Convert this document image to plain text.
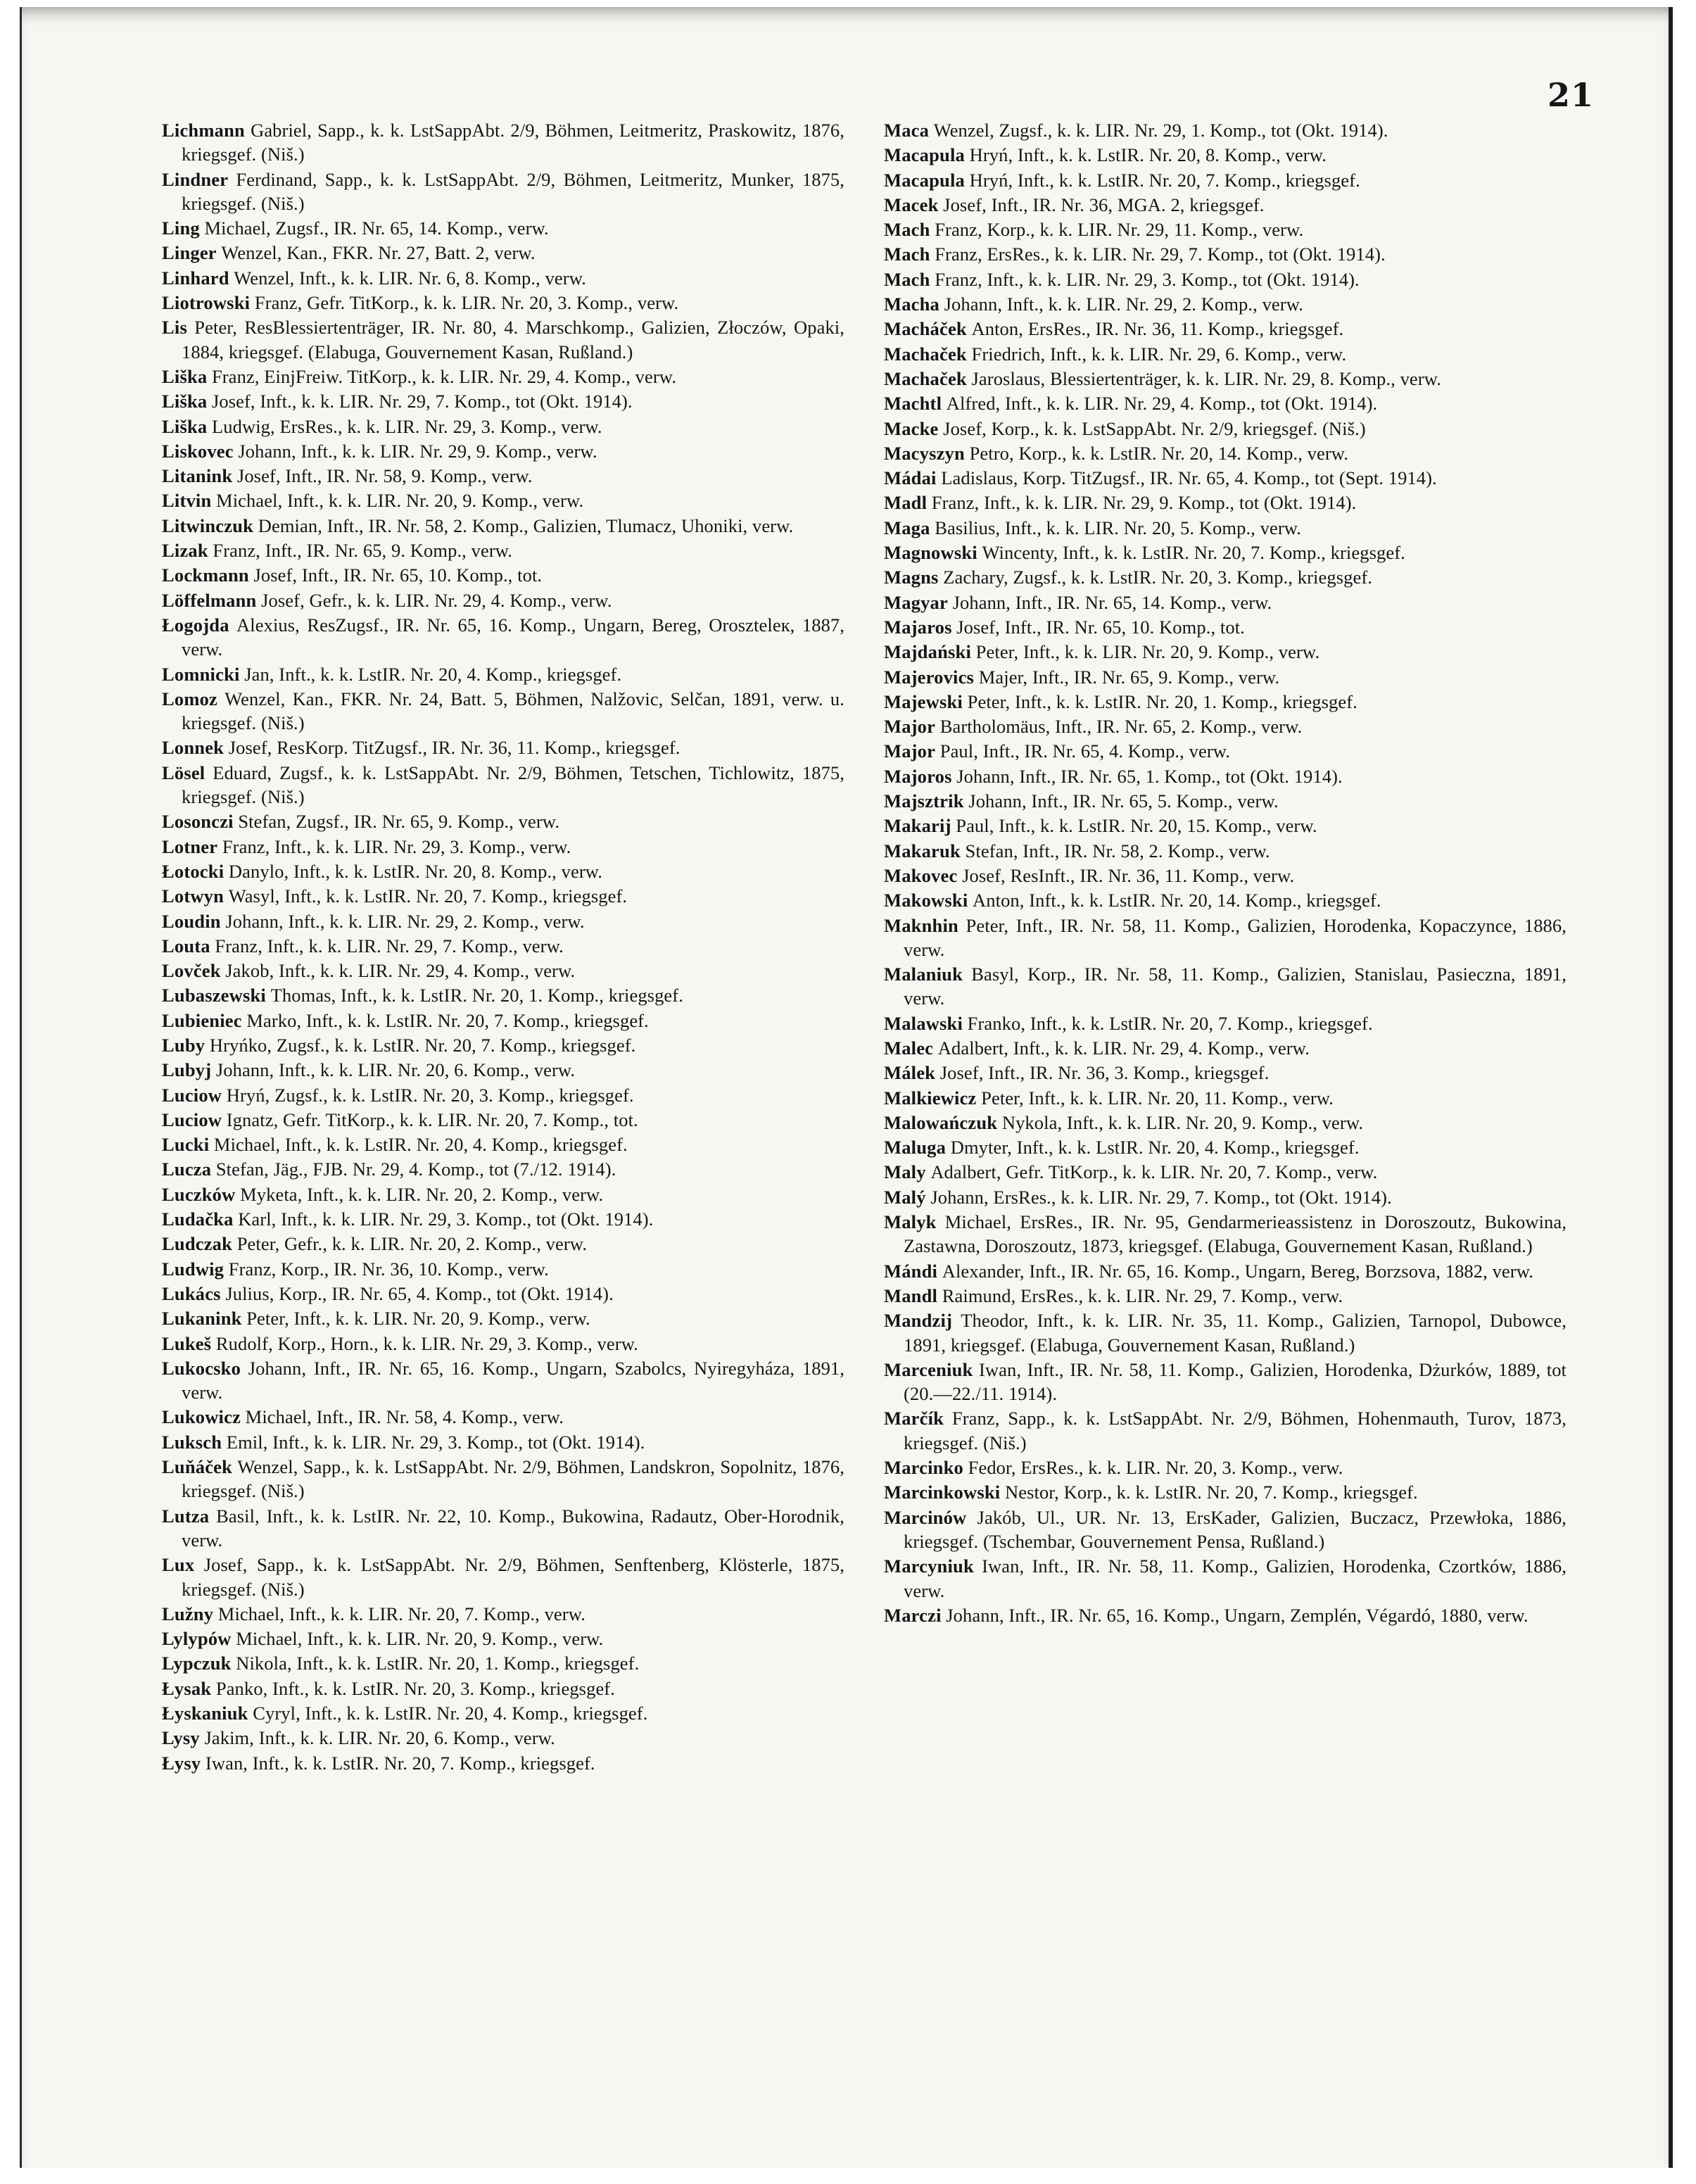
21

Lichmann Gabriel, Sapp., k. k. LstSappAbt. 2/9, Böhmen, Leitmeritz, Praskowitz, 1876, kriegsgef. (Niš.)

Lindner Ferdinand, Sapp., k. k. LstSappAbt. 2/9, Böhmen, Leitmeritz, Munker, 1875, kriegsgef. (Niš.)

Ling Michael, Zugsf., IR. Nr. 65, 14. Komp., verw.

Linger Wenzel, Kan., FKR. Nr. 27, Batt. 2, verw.

Linhard Wenzel, Inft., k. k. LIR. Nr. 6, 8. Komp., verw.

Liotrowski Franz, Gefr. TitKorp., k. k. LIR. Nr. 20, 3. Komp., verw.

Lis Peter, ResBlessiertenträger, IR. Nr. 80, 4. Marschkomp., Galizien, Złoczów, Opaki, 1884, kriegsgef. (Elabuga, Gouvernement Kasan, Rußland.)

Liška Franz, EinjFreiw. TitKorp., k. k. LIR. Nr. 29, 4. Komp., verw.

Liška Josef, Inft., k. k. LIR. Nr. 29, 7. Komp., tot (Okt. 1914).

Liška Ludwig, ErsRes., k. k. LIR. Nr. 29, 3. Komp., verw.

Liskovec Johann, Inft., k. k. LIR. Nr. 29, 9. Komp., verw.

Litanink Josef, Inft., IR. Nr. 58, 9. Komp., verw.

Litvin Michael, Inft., k. k. LIR. Nr. 20, 9. Komp., verw.

Litwinczuk Demian, Inft., IR. Nr. 58, 2. Komp., Galizien, Tlumacz, Uhoniki, verw.

Lizak Franz, Inft., IR. Nr. 65, 9. Komp., verw.

Lockmann Josef, Inft., IR. Nr. 65, 10. Komp., tot.

Löffelmann Josef, Gefr., k. k. LIR. Nr. 29, 4. Komp., verw.

Łogojda Alexius, ResZugsf., IR. Nr. 65, 16. Komp., Ungarn, Bereg, Oroszteleк, 1887, verw.

Lomnicki Jan, Inft., k. k. LstIR. Nr. 20, 4. Komp., kriegsgef.

Lomoz Wenzel, Kan., FKR. Nr. 24, Batt. 5, Böhmen, Nalžovic, Selčan, 1891, verw. u. kriegsgef. (Niš.)

Lonnek Josef, ResKorp. TitZugsf., IR. Nr. 36, 11. Komp., kriegsgef.

Lösel Eduard, Zugsf., k. k. LstSappAbt. Nr. 2/9, Böhmen, Tetschen, Tichlowitz, 1875, kriegsgef. (Niš.)

Losonczi Stefan, Zugsf., IR. Nr. 65, 9. Komp., verw.

Lotner Franz, Inft., k. k. LIR. Nr. 29, 3. Komp., verw.

Łotocki Danylo, Inft., k. k. LstIR. Nr. 20, 8. Komp., verw.

Lotwyn Wasyl, Inft., k. k. LstIR. Nr. 20, 7. Komp., kriegsgef.

Loudin Johann, Inft., k. k. LIR. Nr. 29, 2. Komp., verw.

Louta Franz, Inft., k. k. LIR. Nr. 29, 7. Komp., verw.

Lovček Jakob, Inft., k. k. LIR. Nr. 29, 4. Komp., verw.

Lubaszewski Thomas, Inft., k. k. LstIR. Nr. 20, 1. Komp., kriegsgef.

Lubieniec Marko, Inft., k. k. LstIR. Nr. 20, 7. Komp., kriegsgef.

Luby Hryńko, Zugsf., k. k. LstIR. Nr. 20, 7. Komp., kriegsgef.

Lubyj Johann, Inft., k. k. LIR. Nr. 20, 6. Komp., verw.

Luciow Hryń, Zugsf., k. k. LstIR. Nr. 20, 3. Komp., kriegsgef.

Luciow Ignatz, Gefr. TitKorp., k. k. LIR. Nr. 20, 7. Komp., tot.

Lucki Michael, Inft., k. k. LstIR. Nr. 20, 4. Komp., kriegsgef.

Lucza Stefan, Jäg., FJB. Nr. 29, 4. Komp., tot (7./12. 1914).

Luczków Myketa, Inft., k. k. LIR. Nr. 20, 2. Komp., verw.

Ludačka Karl, Inft., k. k. LIR. Nr. 29, 3. Komp., tot (Okt. 1914).

Ludczak Peter, Gefr., k. k. LIR. Nr. 20, 2. Komp., verw.

Ludwig Franz, Korp., IR. Nr. 36, 10. Komp., verw.

Lukács Julius, Korp., IR. Nr. 65, 4. Komp., tot (Okt. 1914).

Lukanink Peter, Inft., k. k. LIR. Nr. 20, 9. Komp., verw.

Lukeš Rudolf, Korp., Horn., k. k. LIR. Nr. 29, 3. Komp., verw.

Lukocsko Johann, Inft., IR. Nr. 65, 16. Komp., Ungarn, Szabolcs, Nyiregyháza, 1891, verw.

Lukowicz Michael, Inft., IR. Nr. 58, 4. Komp., verw.

Luksch Emil, Inft., k. k. LIR. Nr. 29, 3. Komp., tot (Okt. 1914).

Luňáček Wenzel, Sapp., k. k. LstSappAbt. Nr. 2/9, Böhmen, Landskron, Sopolnitz, 1876, kriegsgef. (Niš.)

Lutza Basil, Inft., k. k. LstIR. Nr. 22, 10. Komp., Bukowina, Radautz, Ober-Horodnik, verw.

Lux Josef, Sapp., k. k. LstSappAbt. Nr. 2/9, Böhmen, Senftenberg, Klösterle, 1875, kriegsgef. (Niš.)

Lužny Michael, Inft., k. k. LIR. Nr. 20, 7. Komp., verw.

Lylypów Michael, Inft., k. k. LIR. Nr. 20, 9. Komp., verw.

Lypczuk Nikola, Inft., k. k. LstIR. Nr. 20, 1. Komp., kriegsgef.

Łysak Panko, Inft., k. k. LstIR. Nr. 20, 3. Komp., kriegsgef.

Łyskaniuk Cyryl, Inft., k. k. LstIR. Nr. 20, 4. Komp., kriegsgef.

Lysy Jakim, Inft., k. k. LIR. Nr. 20, 6. Komp., verw.

Łysy Iwan, Inft., k. k. LstIR. Nr. 20, 7. Komp., kriegsgef.

Maca Wenzel, Zugsf., k. k. LIR. Nr. 29, 1. Komp., tot (Okt. 1914).

Macapula Hryń, Inft., k. k. LstIR. Nr. 20, 8. Komp., verw.

Macapula Hryń, Inft., k. k. LstIR. Nr. 20, 7. Komp., kriegsgef.

Macek Josef, Inft., IR. Nr. 36, MGA. 2, kriegsgef.

Mach Franz, Korp., k. k. LIR. Nr. 29, 11. Komp., verw.

Mach Franz, ErsRes., k. k. LIR. Nr. 29, 7. Komp., tot (Okt. 1914).

Mach Franz, Inft., k. k. LIR. Nr. 29, 3. Komp., tot (Okt. 1914).

Macha Johann, Inft., k. k. LIR. Nr. 29, 2. Komp., verw.

Macháček Anton, ErsRes., IR. Nr. 36, 11. Komp., kriegsgef.

Machaček Friedrich, Inft., k. k. LIR. Nr. 29, 6. Komp., verw.

Machaček Jaroslaus, Blessiertenträger, k. k. LIR. Nr. 29, 8. Komp., verw.

Machtl Alfred, Inft., k. k. LIR. Nr. 29, 4. Komp., tot (Okt. 1914).

Macke Josef, Korp., k. k. LstSappAbt. Nr. 2/9, kriegsgef. (Niš.)

Macyszyn Petro, Korp., k. k. LstIR. Nr. 20, 14. Komp., verw.

Mádai Ladislaus, Korp. TitZugsf., IR. Nr. 65, 4. Komp., tot (Sept. 1914).

Madl Franz, Inft., k. k. LIR. Nr. 29, 9. Komp., tot (Okt. 1914).

Maga Basilius, Inft., k. k. LIR. Nr. 20, 5. Komp., verw.

Magnowski Wincenty, Inft., k. k. LstIR. Nr. 20, 7. Komp., kriegsgef.

Magns Zachary, Zugsf., k. k. LstIR. Nr. 20, 3. Komp., kriegsgef.

Magyar Johann, Inft., IR. Nr. 65, 14. Komp., verw.

Majaros Josef, Inft., IR. Nr. 65, 10. Komp., tot.

Majdański Peter, Inft., k. k. LIR. Nr. 20, 9. Komp., verw.

Majerovics Majer, Inft., IR. Nr. 65, 9. Komp., verw.

Majewski Peter, Inft., k. k. LstIR. Nr. 20, 1. Komp., kriegsgef.

Major Bartholomäus, Inft., IR. Nr. 65, 2. Komp., verw.

Major Paul, Inft., IR. Nr. 65, 4. Komp., verw.

Majoros Johann, Inft., IR. Nr. 65, 1. Komp., tot (Okt. 1914).

Majsztrik Johann, Inft., IR. Nr. 65, 5. Komp., verw.

Makarij Paul, Inft., k. k. LstIR. Nr. 20, 15. Komp., verw.

Makaruk Stefan, Inft., IR. Nr. 58, 2. Komp., verw.

Makovec Josef, ResInft., IR. Nr. 36, 11. Komp., verw.

Makowski Anton, Inft., k. k. LstIR. Nr. 20, 14. Komp., kriegsgef.

Maknhin Peter, Inft., IR. Nr. 58, 11. Komp., Galizien, Horodenka, Kopaczynce, 1886, verw.

Malaniuk Basyl, Korp., IR. Nr. 58, 11. Komp., Galizien, Stanislau, Pasieczna, 1891, verw.

Malawski Franko, Inft., k. k. LstIR. Nr. 20, 7. Komp., kriegsgef.

Malec Adalbert, Inft., k. k. LIR. Nr. 29, 4. Komp., verw.

Málek Josef, Inft., IR. Nr. 36, 3. Komp., kriegsgef.

Malkiewicz Peter, Inft., k. k. LIR. Nr. 20, 11. Komp., verw.

Malowańczuk Nykola, Inft., k. k. LIR. Nr. 20, 9. Komp., verw.

Maluga Dmyter, Inft., k. k. LstIR. Nr. 20, 4. Komp., kriegsgef.

Maly Adalbert, Gefr. TitKorp., k. k. LIR. Nr. 20, 7. Komp., verw.

Malý Johann, ErsRes., k. k. LIR. Nr. 29, 7. Komp., tot (Okt. 1914).

Malyk Michael, ErsRes., IR. Nr. 95, Gendarmerieassistenz in Doroszoutz, Bukowina, Zastawna, Doroszoutz, 1873, kriegsgef. (Elabuga, Gouvernement Kasan, Rußland.)

Mándi Alexander, Inft., IR. Nr. 65, 16. Komp., Ungarn, Bereg, Borzsova, 1882, verw.

Mandl Raimund, ErsRes., k. k. LIR. Nr. 29, 7. Komp., verw.

Mandzij Theodor, Inft., k. k. LIR. Nr. 35, 11. Komp., Galizien, Tarnopol, Dubowce, 1891, kriegsgef. (Elabuga, Gouvernement Kasan, Rußland.)

Marceniuk Iwan, Inft., IR. Nr. 58, 11. Komp., Galizien, Horodenka, Dżurków, 1889, tot (20.—22./11. 1914).

Marčík Franz, Sapp., k. k. LstSappAbt. Nr. 2/9, Böhmen, Hohenmauth, Turov, 1873, kriegsgef. (Niš.)

Marcinko Fedor, ErsRes., k. k. LIR. Nr. 20, 3. Komp., verw.

Marcinkowski Nestor, Korp., k. k. LstIR. Nr. 20, 7. Komp., kriegsgef.

Marcinów Jakób, Ul., UR. Nr. 13, ErsKader, Galizien, Buczacz, Przewłoka, 1886, kriegsgef. (Tschembar, Gouvernement Pensa, Rußland.)

Marcyniuk Iwan, Inft., IR. Nr. 58, 11. Komp., Galizien, Horodenka, Czortków, 1886, verw.

Marczi Johann, Inft., IR. Nr. 65, 16. Komp., Ungarn, Zemplén, Végardó, 1880, verw.
